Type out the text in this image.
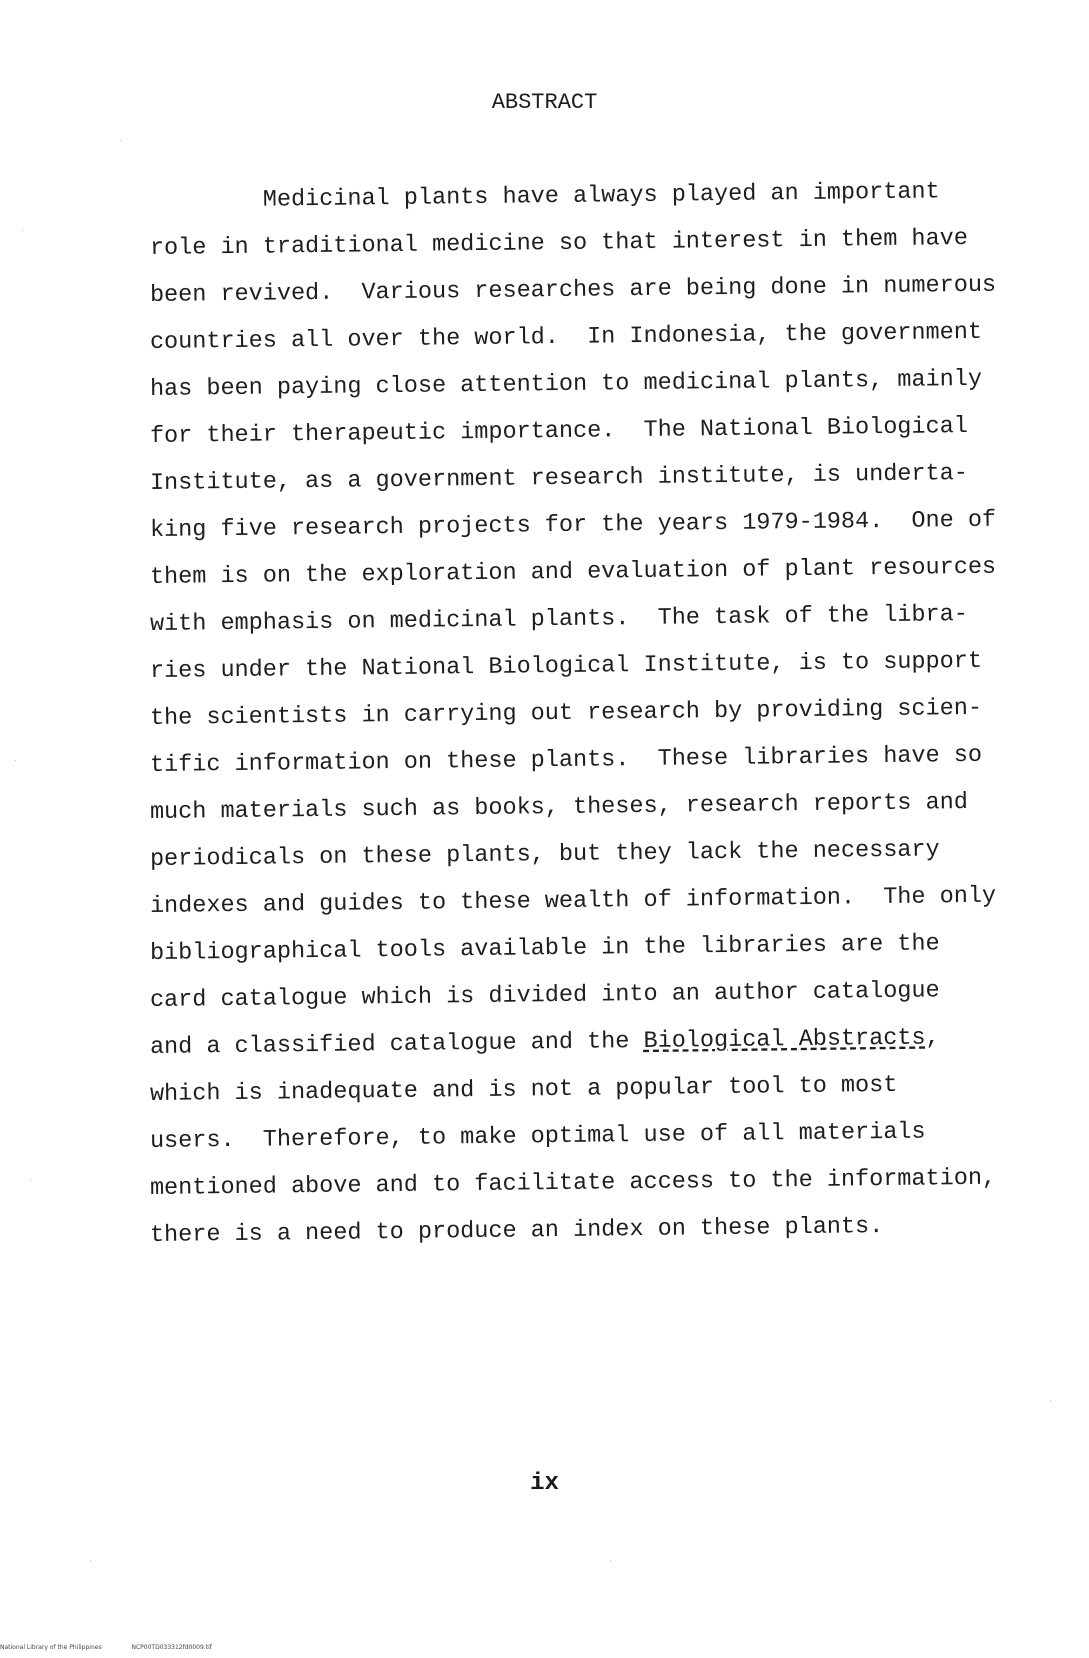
ABSTRACT
Medicinal plants have always played an important
role in traditional medicine so that interest in them have
been revived.  Various researches are being done in numerous
countries all over the world.  In Indonesia, the government
has been paying close attention to medicinal plants, mainly
for their therapeutic importance.  The National Biological
Institute, as a government research institute, is underta-
king five research projects for the years 1979-1984.  One of
them is on the exploration and evaluation of plant resources
with emphasis on medicinal plants.  The task of the libra-
ries under the National Biological Institute, is to support
the scientists in carrying out research by providing scien-
tific information on these plants.  These libraries have so
much materials such as books, theses, research reports and
periodicals on these plants, but they lack the necessary
indexes and guides to these wealth of information.  The only
bibliographical tools available in the libraries are the
card catalogue which is divided into an author catalogue
and a classified catalogue and the Biological Abstracts,
which is inadequate and is not a popular tool to most
users.  Therefore, to make optimal use of all materials
mentioned above and to facilitate access to the information,
there is a need to produce an index on these plants.
ix
National Library of the Philippines	NCP00TD033312fd0009.tif
